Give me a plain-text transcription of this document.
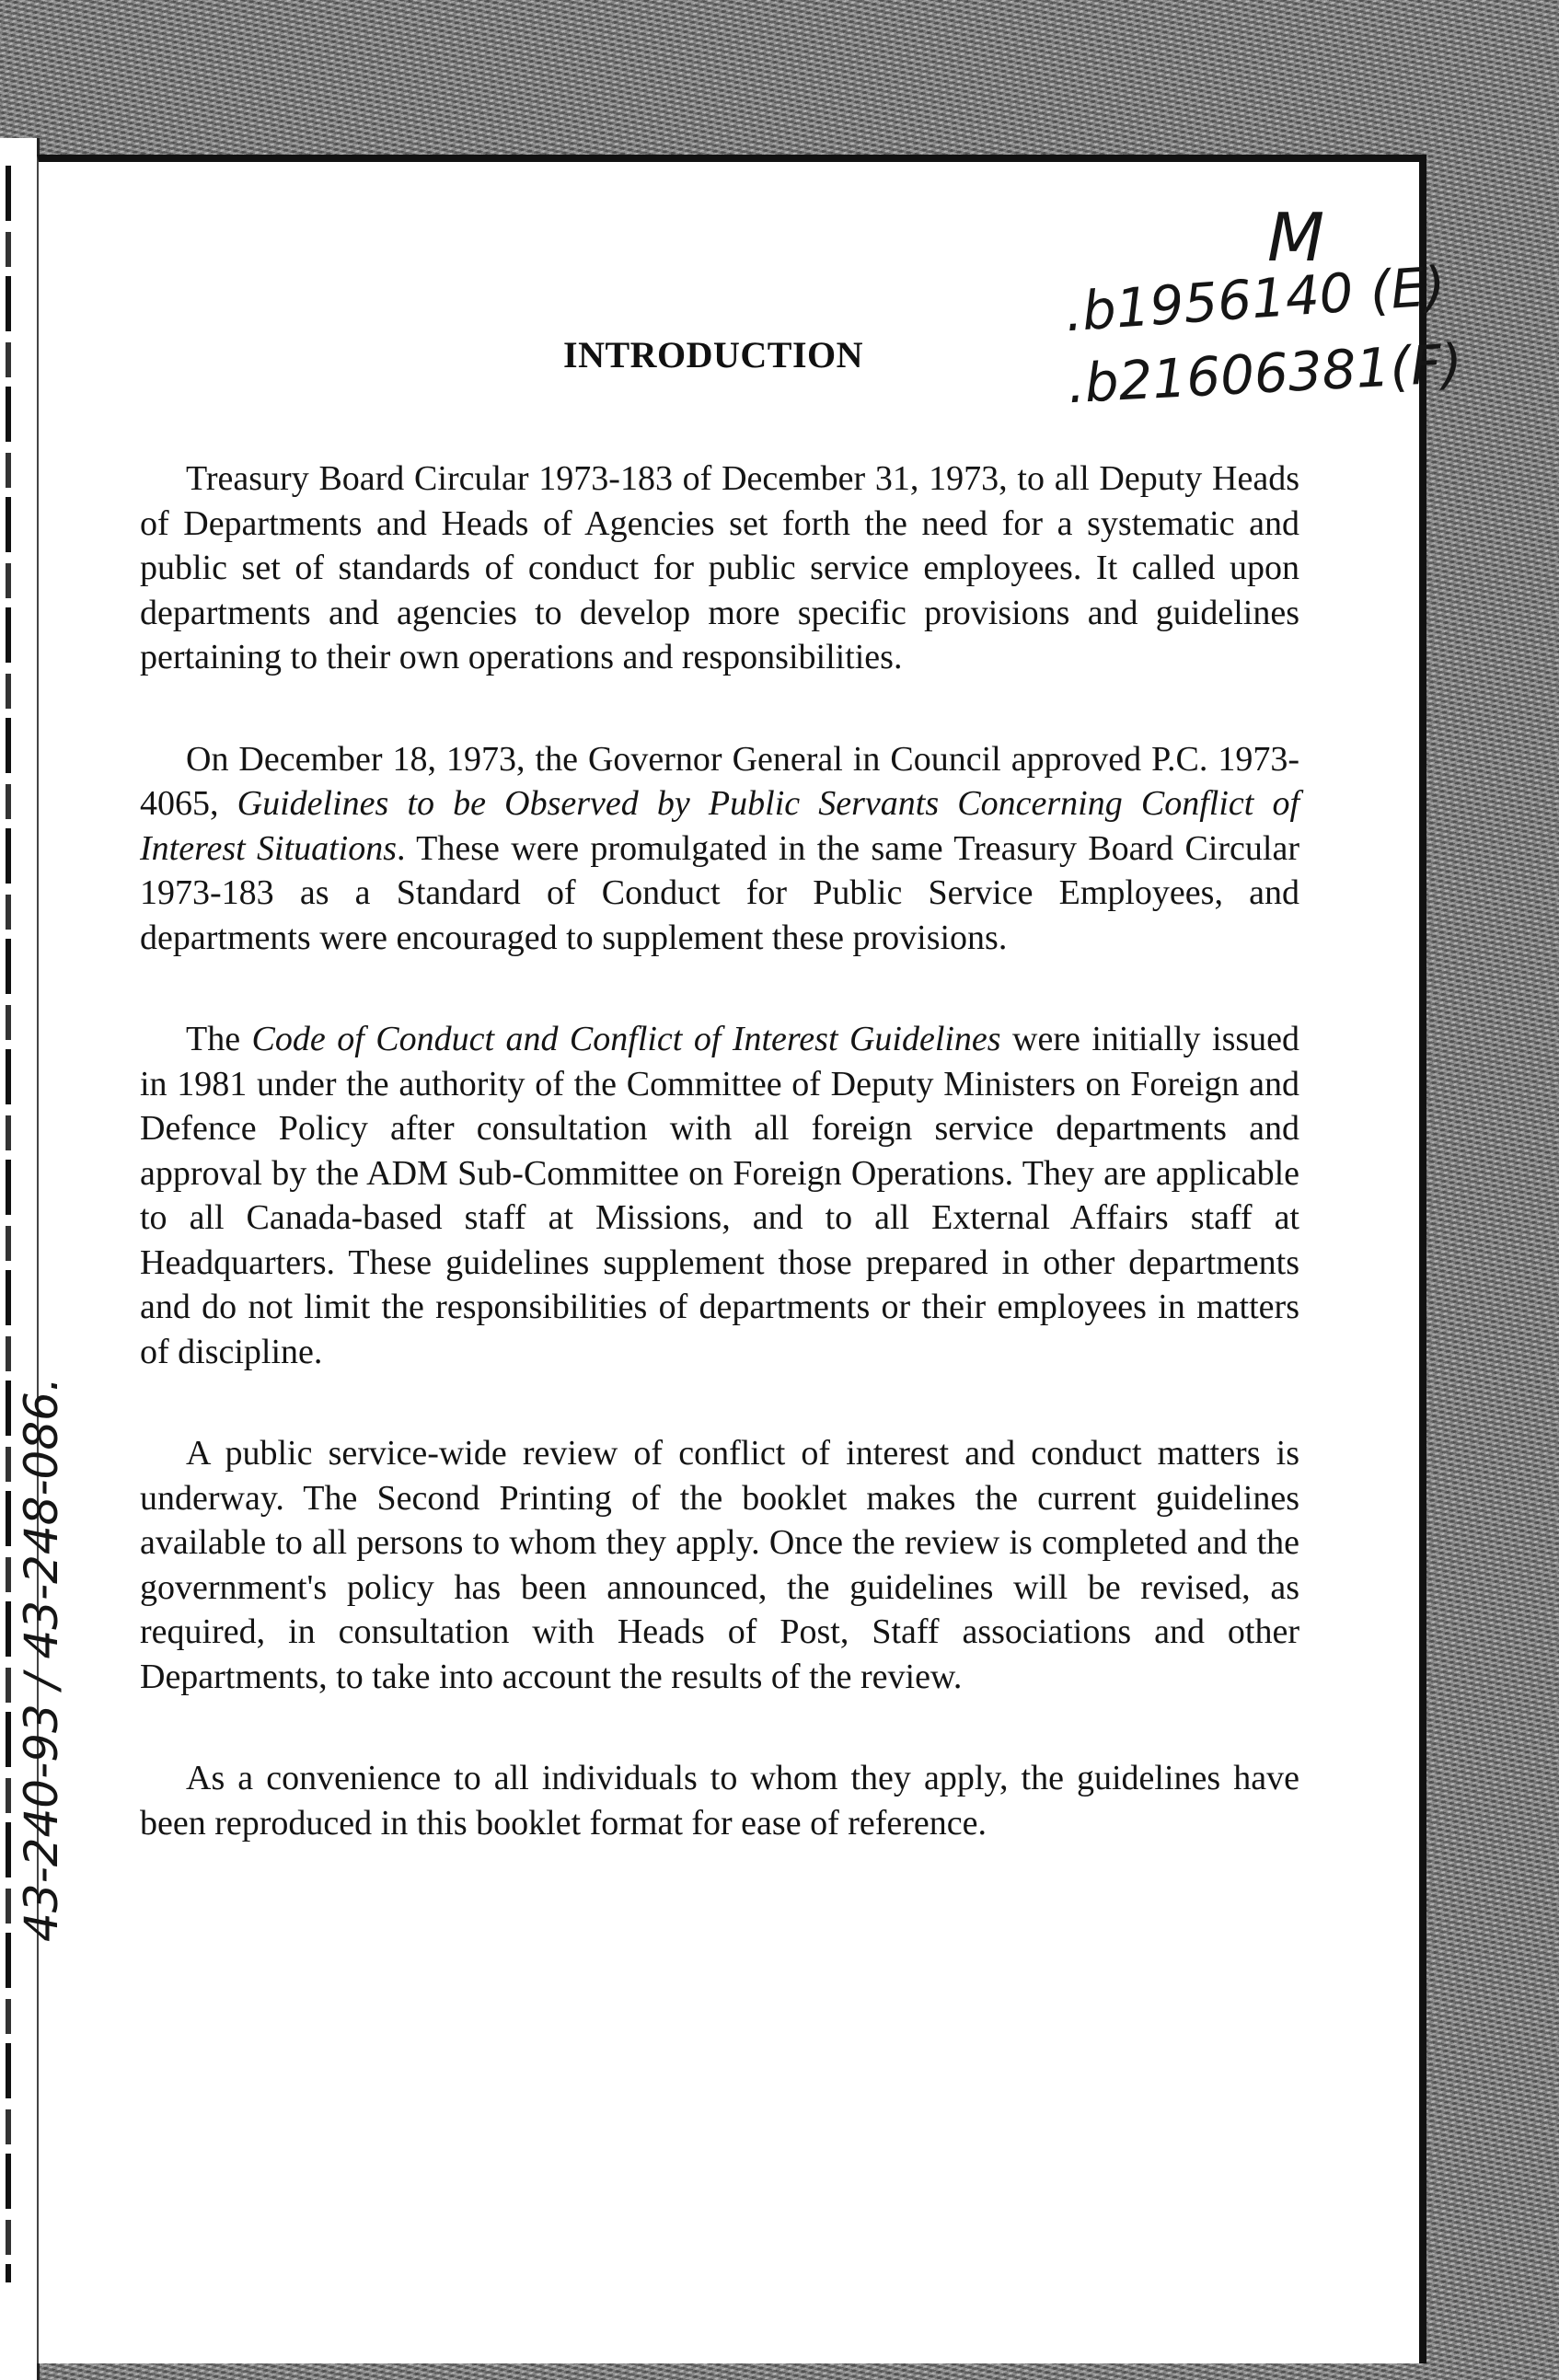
M
.b1956140 (E)
.b21606381(F)
INTRODUCTION

Treasury Board Circular 1973-183 of December 31, 1973, to all Deputy Heads of Departments and Heads of Agencies set forth the need for a systematic and public set of standards of conduct for public service employees. It called upon departments and agencies to develop more specific provisions and guidelines pertaining to their own operations and responsibilities.

On December 18, 1973, the Governor General in Council approved P.C. 1973-4065, Guidelines to be Observed by Public Servants Concerning Conflict of Interest Situations. These were promulgated in the same Treasury Board Circular 1973-183 as a Standard of Conduct for Public Service Employees, and departments were encouraged to supplement these provisions.

The Code of Conduct and Conflict of Interest Guidelines were initially issued in 1981 under the authority of the Committee of Deputy Ministers on Foreign and Defence Policy after consultation with all foreign service departments and approval by the ADM Sub-Committee on Foreign Operations. They are applicable to all Canada-based staff at Missions, and to all External Affairs staff at Headquarters. These guidelines supplement those prepared in other departments and do not limit the responsibilities of departments or their employees in matters of discipline.

A public service-wide review of conflict of interest and conduct matters is underway. The Second Printing of the booklet makes the current guidelines available to all persons to whom they apply. Once the review is completed and the government's policy has been announced, the guidelines will be revised, as required, in consultation with Heads of Post, Staff associations and other Departments, to take into account the results of the review.

As a convenience to all individuals to whom they apply, the guidelines have been reproduced in this booklet format for ease of reference.

43-240-93 / 43-248-086.
